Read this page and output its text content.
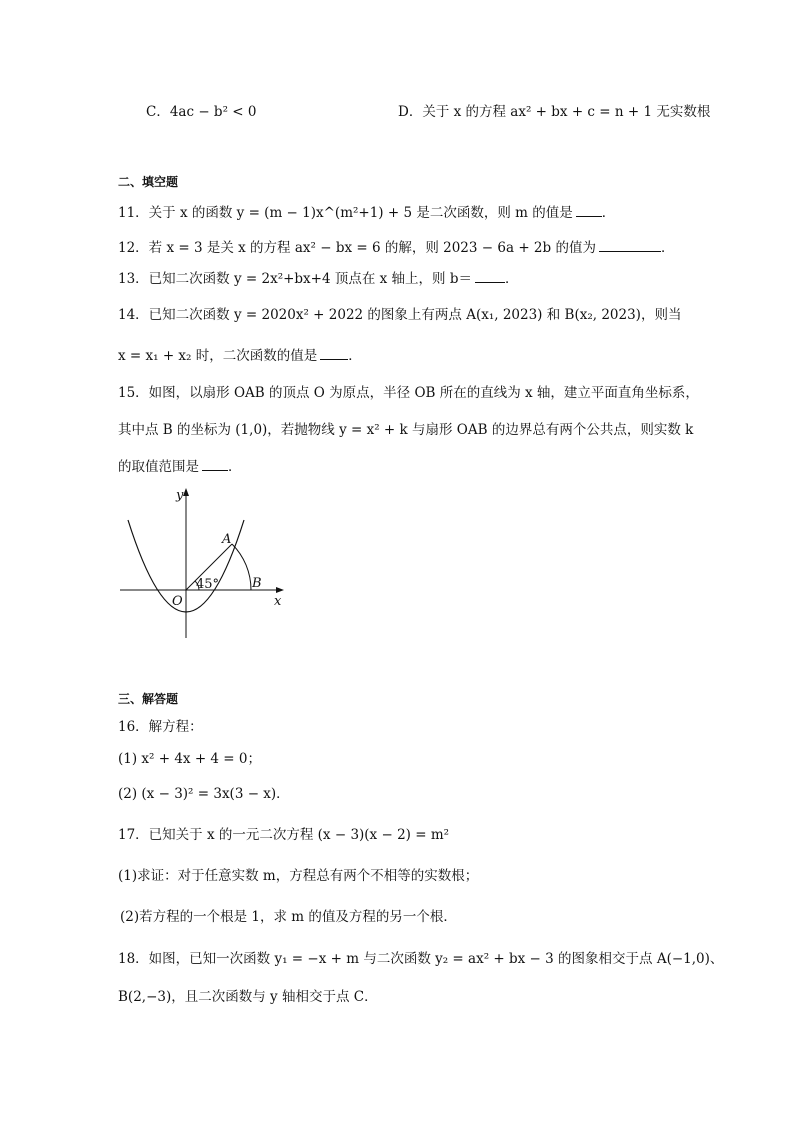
C．4ac − b² < 0	D．关于 x 的方程 ax² + bx + c = n + 1 无实数根
二、填空题
11．关于 x 的函数 y = (m − 1)x^(m²+1) + 5 是二次函数，则 m 的值是 ．
12．若 x = 3 是关 x 的方程 ax² − bx = 6 的解，则 2023 − 6a + 2b 的值为	．
13．已知二次函数 y = 2x²+bx+4 顶点在 x 轴上，则 b＝ ．
14．已知二次函数 y = 2020x² + 2022 的图象上有两点 A(x₁, 2023) 和 B(x₂, 2023)，则当
x = x₁ + x₂ 时，二次函数的值是 ．
15．如图，以扇形 OAB 的顶点 O 为原点，半径 OB 所在的直线为 x 轴，建立平面直角坐标系，
其中点 B 的坐标为 (1,0)，若抛物线 y = x² + k 与扇形 OAB 的边界总有两个公共点，则实数 k
的取值范围是 ．
y
x
O
A
B
45°
三、解答题
16．解方程：
(1) x² + 4x + 4 = 0；
(2) (x − 3)² = 3x(3 − x)．
17．已知关于 x 的一元二次方程 (x − 3)(x − 2) = m²
(1)求证：对于任意实数 m，方程总有两个不相等的实数根；
(2)若方程的一个根是 1，求 m 的值及方程的另一个根．
18．如图，已知一次函数 y₁ = −x + m 与二次函数 y₂ = ax² + bx − 3 的图象相交于点 A(−1,0)、
B(2,−3)，且二次函数与 y 轴相交于点 C．
